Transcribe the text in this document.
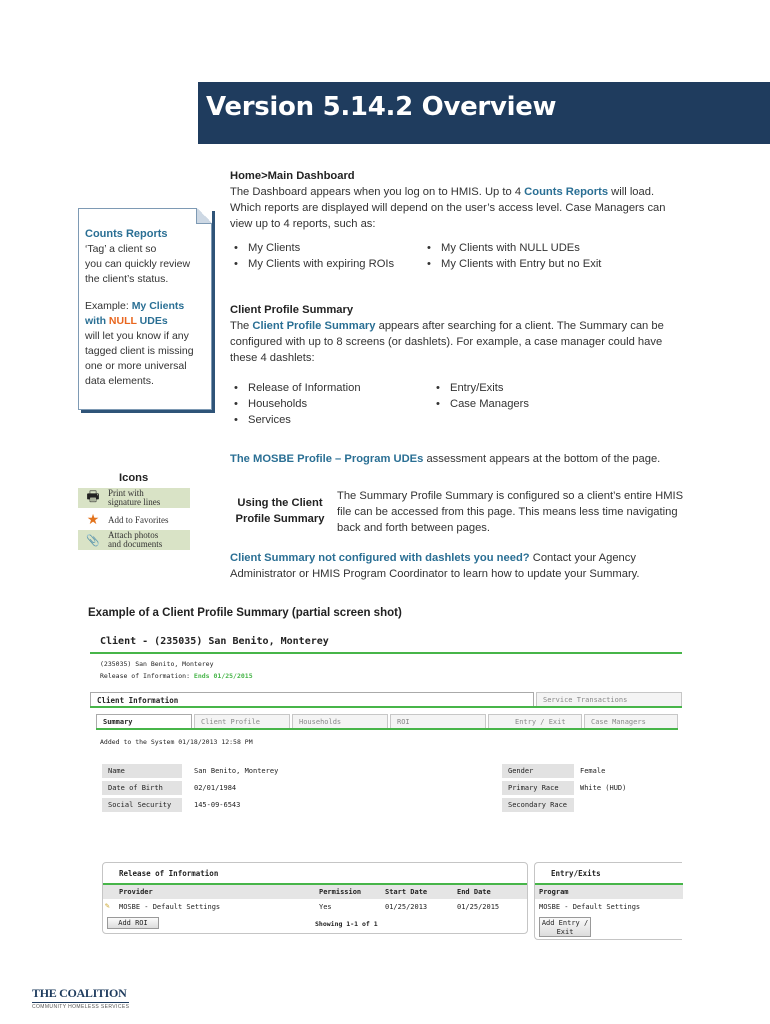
Version 5.14.2 Overview
Home>Main Dashboard
The Dashboard appears when you log on to HMIS. Up to 4 Counts Reports will load.
Which reports are displayed will depend on the user’s access level. Case Managers can
view up to 4 reports, such as:
• My Clients
• My Clients with expiring ROIs
• My Clients with NULL UDEs
• My Clients with Entry but no Exit
Counts Reports
‘Tag’ a client so
you can quickly review
the client’s status.
Example: My Clients
with NULL UDEs
will let you know if any
tagged client is missing
one or more universal
data elements.
Client Profile Summary
The Client Profile Summary appears after searching for a client. The Summary can be
configured with up to 8 screens (or dashlets). For example, a case manager could have
these 4 dashlets:
• Release of Information
• Households
• Services
• Entry/Exits
• Case Managers
The MOSBE Profile – Program UDEs assessment appears at the bottom of the page.
Icons
🖶 Print with
signature lines
★ Add to Favorites
📎 Attach photos
and documents
Using the Client
Profile Summary
The Summary Profile Summary is configured so a client’s entire HMIS
file can be accessed from this page. This means less time navigating
back and forth between pages.
Client Summary not configured with dashlets you need? Contact your Agency
Administrator or HMIS Program Coordinator to learn how to update your Summary.
Example of a Client Profile Summary (partial screen shot)
Client - (235035) San Benito, Monterey
(235035) San Benito, Monterey
Release of Information: Ends 01/25/2015
Client Information	Service Transactions
Summary	Client Profile	Households	ROI	Entry / Exit	Case Managers
Added to the System 01/18/2013 12:58 PM
Name	San Benito, Monterey
Date of Birth	02/01/1984
Social Security	145-09-6543
Gender	Female
Primary Race	White (HUD)
Secondary Race
Release of Information
Provider	Permission	Start Date	End Date
✎ MOSBE - Default Settings	Yes	01/25/2013	01/25/2015
Add ROI	Showing 1-1 of 1
Entry/Exits
Program
MOSBE - Default Settings
Add Entry /
Exit
THE COALITION
COMMUNITY HOMELESS SERVICES
